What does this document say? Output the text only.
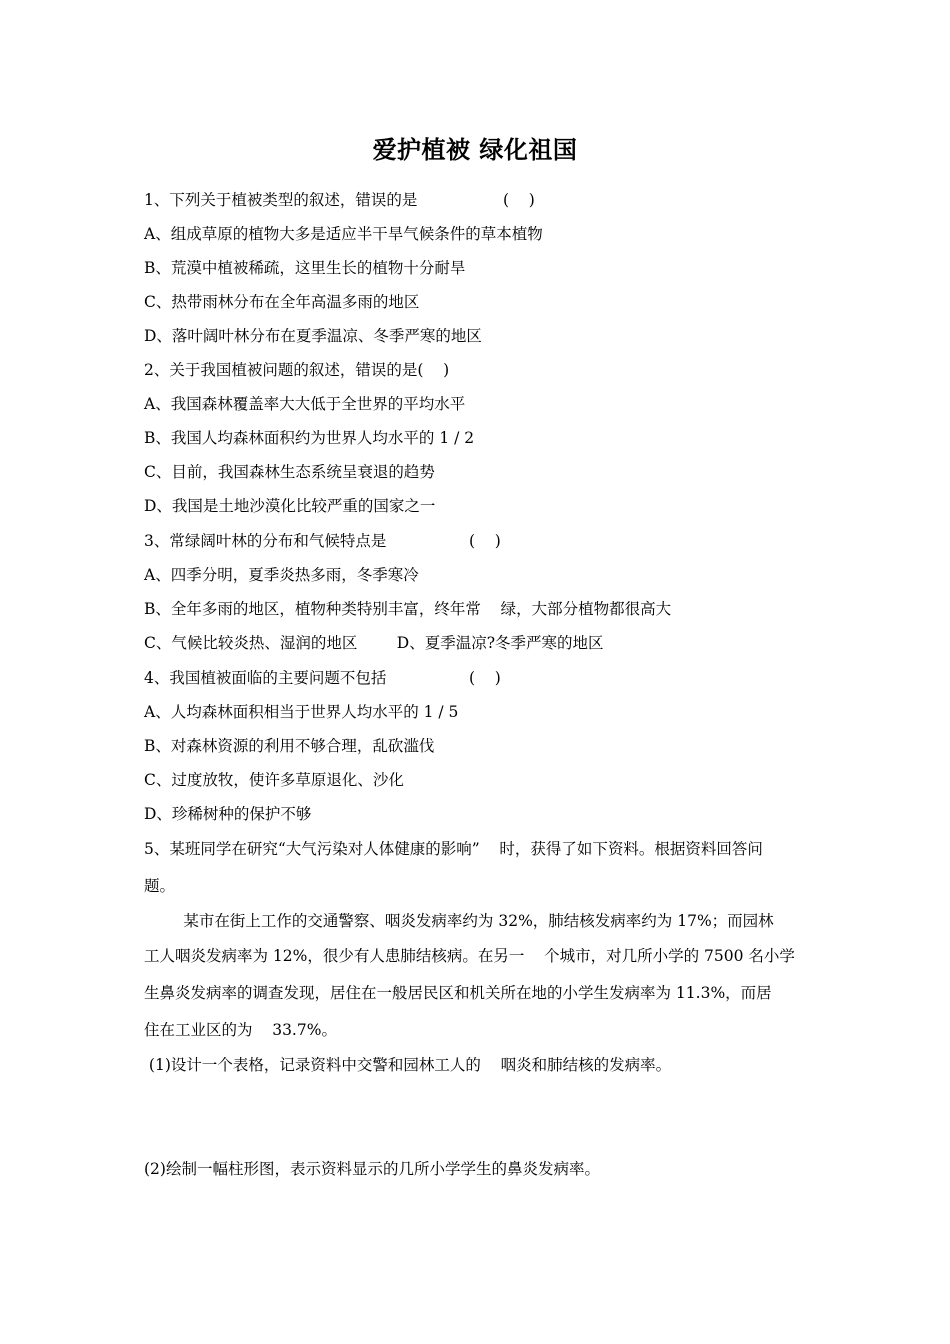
爱护植被 绿化祖国
1、下列关于植被类型的叙述，错误的是	(    )
A、组成草原的植物大多是适应半干旱气候条件的草本植物
B、荒漠中植被稀疏，这里生长的植物十分耐旱
C、热带雨林分布在全年高温多雨的地区
D、落叶阔叶林分布在夏季温凉、冬季严寒的地区
2、关于我国植被问题的叙述，错误的是(    )
A、我国森林覆盖率大大低于全世界的平均水平
B、我国人均森林面积约为世界人均水平的 1 / 2
C、目前，我国森林生态系统呈衰退的趋势
D、我国是土地沙漠化比较严重的国家之一
3、常绿阔叶林的分布和气候特点是	(    )
A、四季分明，夏季炎热多雨，冬季寒冷
B、全年多雨的地区，植物种类特别丰富，终年常    绿，大部分植物都很高大
C、气候比较炎热、湿润的地区        D、夏季温凉?冬季严寒的地区
4、我国植被面临的主要问题不包括	(    )
A、人均森林面积相当于世界人均水平的 1 / 5
B、对森林资源的利用不够合理，乱砍滥伐
C、过度放牧，使许多草原退化、沙化
D、珍稀树种的保护不够
5、某班同学在研究“大气污染对人体健康的影响”    时，获得了如下资料。根据资料回答问
题。
某市在街上工作的交通警察、咽炎发病率约为 32%，肺结核发病率约为 17%；而园林
工人咽炎发病率为 12%，很少有人患肺结核病。在另一    个城市，对几所小学的 7500 名小学
生鼻炎发病率的调查发现，居住在一般居民区和机关所在地的小学生发病率为 11.3%，而居
住在工业区的为    33.7%。
(1)设计一个表格，记录资料中交警和园林工人的    咽炎和肺结核的发病率。
(2)绘制一幅柱形图，表示资料显示的几所小学学生的鼻炎发病率。
